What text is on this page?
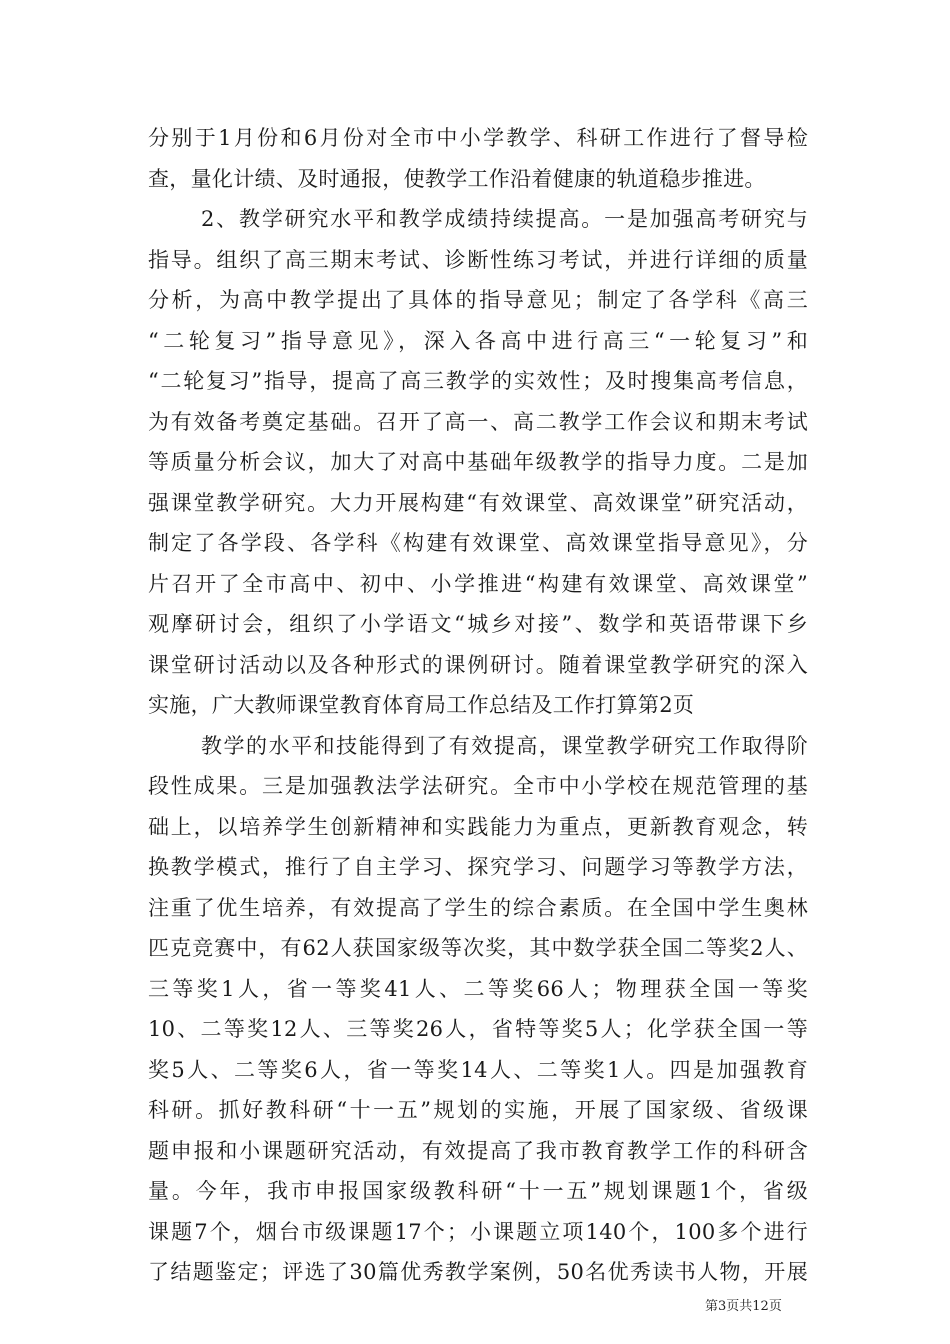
分别于1月份和6月份对全市中小学教学、科研工作进行了督导检
查，量化计绩、及时通报，使教学工作沿着健康的轨道稳步推进。
2、教学研究水平和教学成绩持续提高。一是加强高考研究与
指导。组织了高三期末考试、诊断性练习考试，并进行详细的质量
分析，为高中教学提出了具体的指导意见；制定了各学科《高三
“二轮复习”指导意见》，深入各高中进行高三“一轮复习”和
“二轮复习”指导，提高了高三教学的实效性；及时搜集高考信息，
为有效备考奠定基础。召开了高一、高二教学工作会议和期末考试
等质量分析会议，加大了对高中基础年级教学的指导力度。二是加
强课堂教学研究。大力开展构建“有效课堂、高效课堂”研究活动，
制定了各学段、各学科《构建有效课堂、高效课堂指导意见》，分
片召开了全市高中、初中、小学推进“构建有效课堂、高效课堂”
观摩研讨会，组织了小学语文“城乡对接”、数学和英语带课下乡
课堂研讨活动以及各种形式的课例研讨。随着课堂教学研究的深入
实施，广大教师课堂教育体育局工作总结及工作打算第2页
教学的水平和技能得到了有效提高，课堂教学研究工作取得阶
段性成果。三是加强教法学法研究。全市中小学校在规范管理的基
础上，以培养学生创新精神和实践能力为重点，更新教育观念，转
换教学模式，推行了自主学习、探究学习、问题学习等教学方法，
注重了优生培养，有效提高了学生的综合素质。在全国中学生奥林
匹克竞赛中，有62人获国家级等次奖，其中数学获全国二等奖2人、
三等奖1人，省一等奖41人、二等奖66人；物理获全国一等奖
10、二等奖12人、三等奖26人，省特等奖5人；化学获全国一等
奖5人、二等奖6人，省一等奖14人、二等奖1人。四是加强教育
科研。抓好教科研“十一五”规划的实施，开展了国家级、省级课
题申报和小课题研究活动，有效提高了我市教育教学工作的科研含
量。今年，我市申报国家级教科研“十一五”规划课题1个，省级
课题7个，烟台市级课题17个；小课题立项140个，100多个进行
了结题鉴定；评选了30篇优秀教学案例，50名优秀读书人物，开展
第3页共12页
